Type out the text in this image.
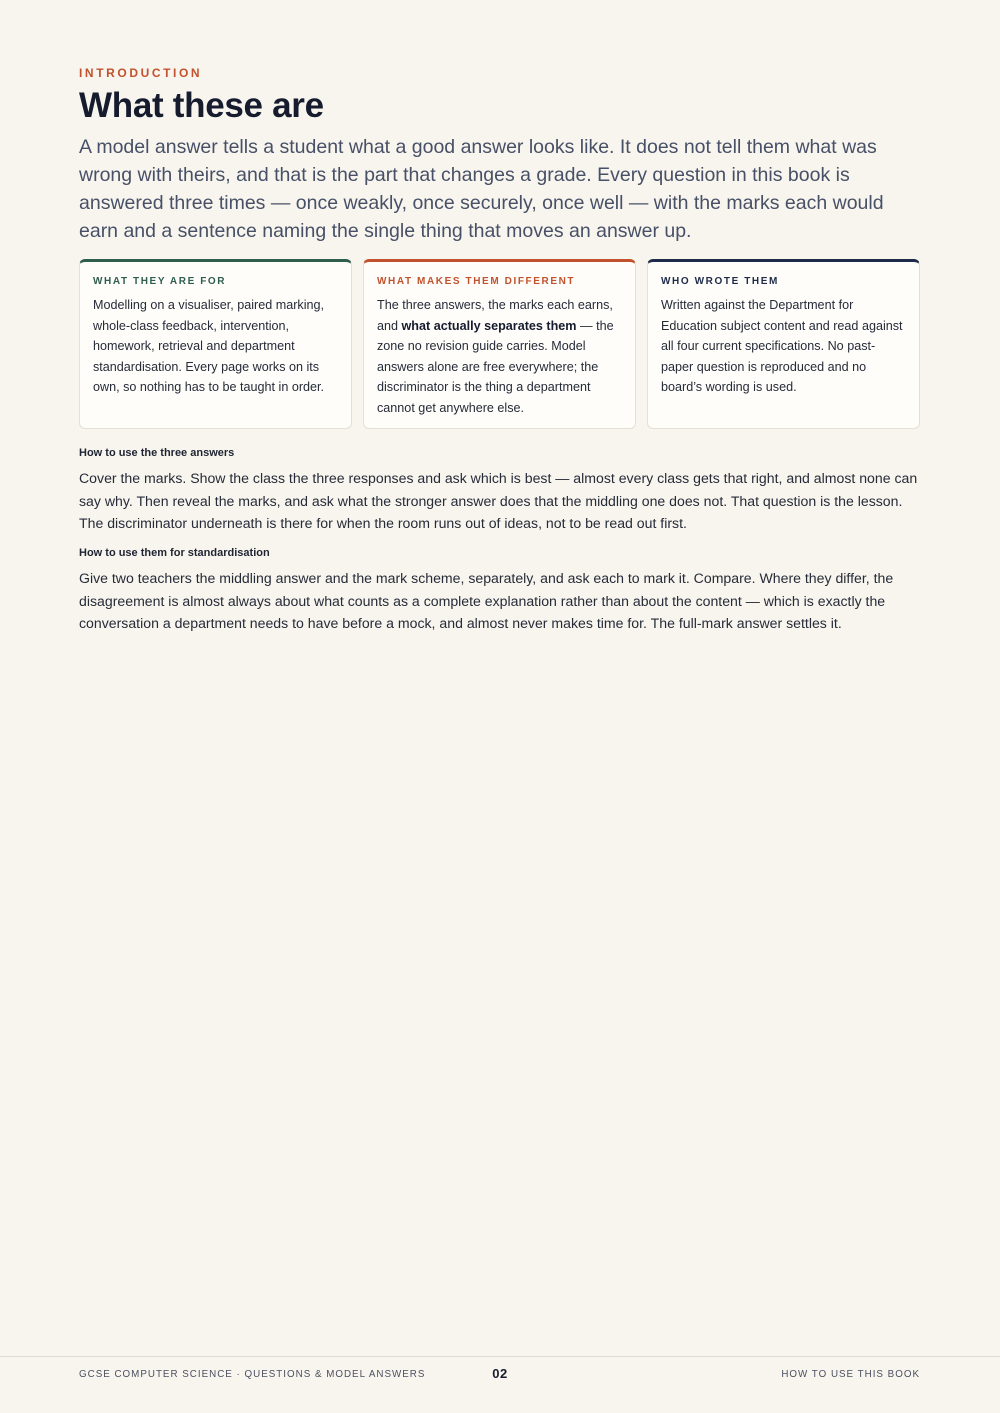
INTRODUCTION
What these are

A model answer tells a student what a good answer looks like. It does not tell them what was wrong with theirs, and that is the part that changes a grade. Every question in this book is answered three times — once weakly, once securely, once well — with the marks each would earn and a sentence naming the single thing that moves an answer up.

WHAT THEY ARE FOR
Modelling on a visualiser, paired marking, whole-class feedback, intervention, homework, retrieval and department standardisation. Every page works on its own, so nothing has to be taught in order.
WHAT MAKES THEM DIFFERENT
The three answers, the marks each earns, and what actually separates them — the zone no revision guide carries. Model answers alone are free everywhere; the discriminator is the thing a department cannot get anywhere else.
WHO WROTE THEM
Written against the Department for Education subject content and read against all four current specifications. No past-paper question is reproduced and no board’s wording is used.
How to use the three answers

Cover the marks. Show the class the three responses and ask which is best — almost every class gets that right, and almost none can say why. Then reveal the marks, and ask what the stronger answer does that the middling one does not. That question is the lesson. The discriminator underneath is there for when the room runs out of ideas, not to be read out first.

How to use them for standardisation

Give two teachers the middling answer and the mark scheme, separately, and ask each to mark it. Compare. Where they differ, the disagreement is almost always about what counts as a complete explanation rather than about the content — which is exactly the conversation a department needs to have before a mock, and almost never makes time for. The full-mark answer settles it.

GCSE COMPUTER SCIENCE · QUESTIONS & MODEL ANSWERS	02	HOW TO USE THIS BOOK
